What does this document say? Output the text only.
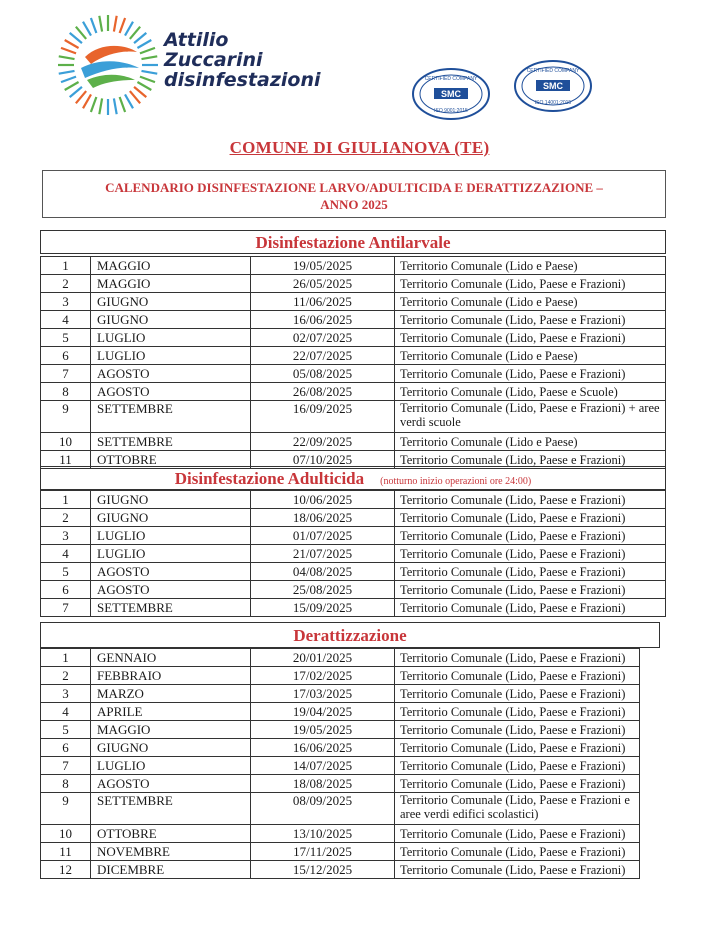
Attilio
Zuccarini
disinfestazioni	CERTIFIED COMPANY
SMC
ISO 9001:2015
CERTIFIED COMPANY
SMC
ISO 14001:2015
COMUNE DI GIULIANOVA (TE)
CALENDARIO DISINFESTAZIONE LARVO/ADULTICIDA E DERATTIZZAZIONE –
ANNO 2025
Disinfestazione Antilarvale
1	MAGGIO	19/05/2025	Territorio Comunale (Lido e Paese)
2	MAGGIO	26/05/2025	Territorio Comunale (Lido, Paese e Frazioni)
3	GIUGNO	11/06/2025	Territorio Comunale (Lido e Paese)
4	GIUGNO	16/06/2025	Territorio Comunale (Lido, Paese e Frazioni)
5	LUGLIO	02/07/2025	Territorio Comunale (Lido, Paese e Frazioni)
6	LUGLIO	22/07/2025	Territorio Comunale (Lido e Paese)
7	AGOSTO	05/08/2025	Territorio Comunale (Lido, Paese e Frazioni)
8	AGOSTO	26/08/2025	Territorio Comunale (Lido, Paese e Scuole)
9	SETTEMBRE	16/09/2025	Territorio Comunale (Lido, Paese e Frazioni) + aree verdi scuole
10	SETTEMBRE	22/09/2025	Territorio Comunale (Lido e Paese)
11	OTTOBRE	07/10/2025	Territorio Comunale (Lido, Paese e Frazioni)
Disinfestazione Adulticida (notturno inizio operazioni ore 24:00)
1	GIUGNO	10/06/2025	Territorio Comunale (Lido, Paese e Frazioni)
2	GIUGNO	18/06/2025	Territorio Comunale (Lido, Paese e Frazioni)
3	LUGLIO	01/07/2025	Territorio Comunale (Lido, Paese e Frazioni)
4	LUGLIO	21/07/2025	Territorio Comunale (Lido, Paese e Frazioni)
5	AGOSTO	04/08/2025	Territorio Comunale (Lido, Paese e Frazioni)
6	AGOSTO	25/08/2025	Territorio Comunale (Lido, Paese e Frazioni)
7	SETTEMBRE	15/09/2025	Territorio Comunale (Lido, Paese e Frazioni)
Derattizzazione
1	GENNAIO	20/01/2025	Territorio Comunale (Lido, Paese e Frazioni)
2	FEBBRAIO	17/02/2025	Territorio Comunale (Lido, Paese e Frazioni)
3	MARZO	17/03/2025	Territorio Comunale (Lido, Paese e Frazioni)
4	APRILE	19/04/2025	Territorio Comunale (Lido, Paese e Frazioni)
5	MAGGIO	19/05/2025	Territorio Comunale (Lido, Paese e Frazioni)
6	GIUGNO	16/06/2025	Territorio Comunale (Lido, Paese e Frazioni)
7	LUGLIO	14/07/2025	Territorio Comunale (Lido, Paese e Frazioni)
8	AGOSTO	18/08/2025	Territorio Comunale (Lido, Paese e Frazioni)
9	SETTEMBRE	08/09/2025	Territorio Comunale (Lido, Paese e Frazioni e aree verdi edifici scolastici)
10	OTTOBRE	13/10/2025	Territorio Comunale (Lido, Paese e Frazioni)
11	NOVEMBRE	17/11/2025	Territorio Comunale (Lido, Paese e Frazioni)
12	DICEMBRE	15/12/2025	Territorio Comunale (Lido, Paese e Frazioni)
